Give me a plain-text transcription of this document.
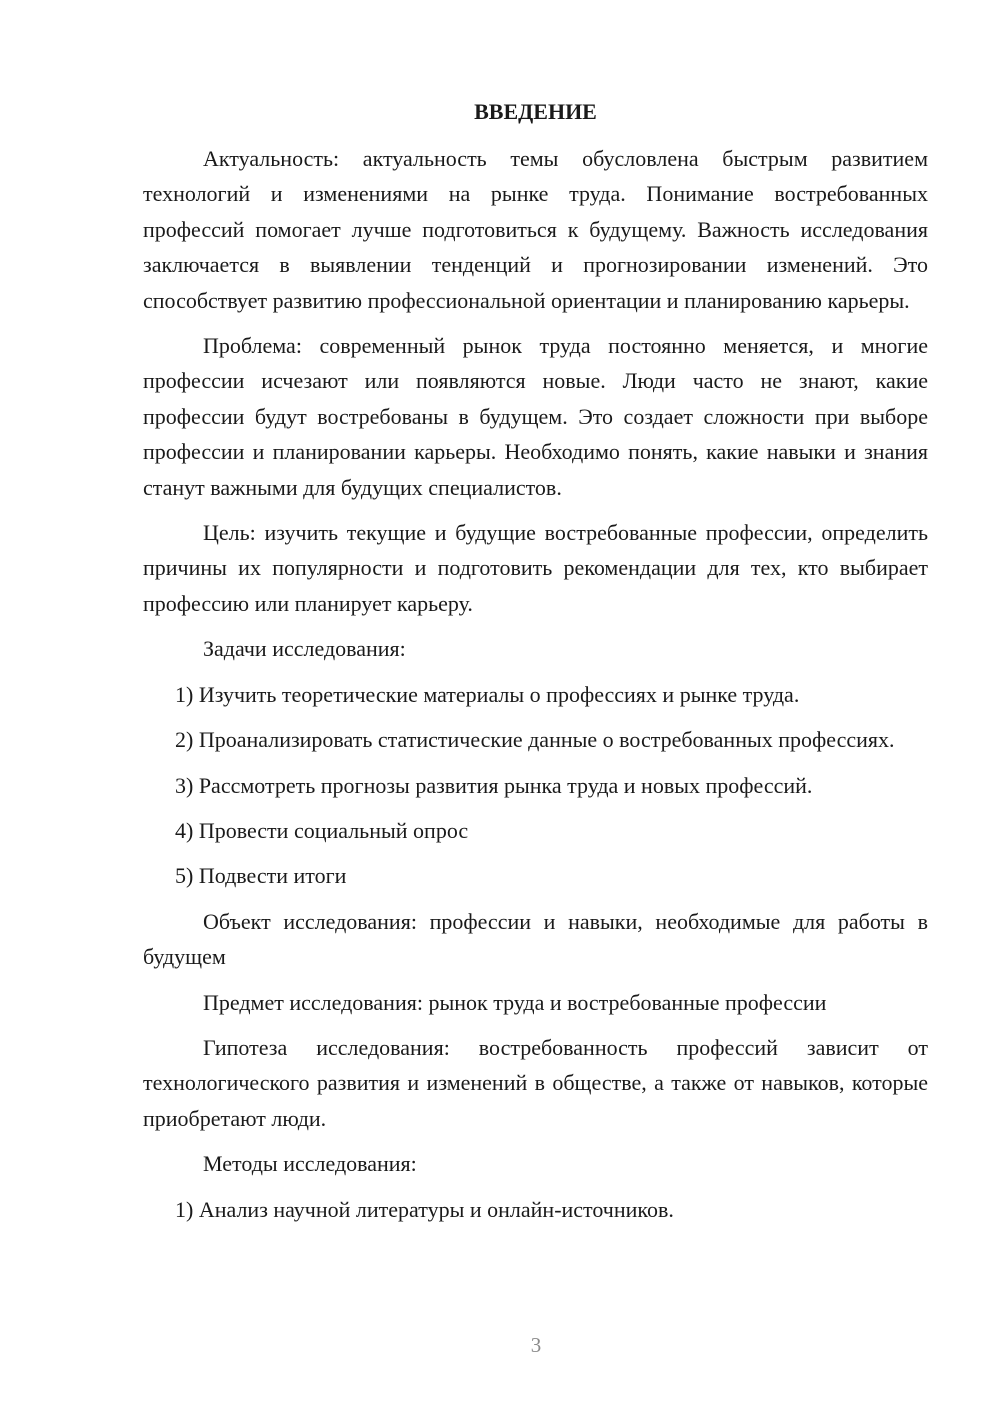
ВВЕДЕНИЕ

Актуальность: актуальность темы обусловлена быстрым развитием технологий и изменениями на рынке труда. Понимание востребованных профессий помогает лучше подготовиться к будущему. Важность исследования заключается в выявлении тенденций и прогнозировании изменений. Это способствует развитию профессиональной ориентации и планированию карьеры.

Проблема: современный рынок труда постоянно меняется, и многие профессии исчезают или появляются новые. Люди часто не знают, какие профессии будут востребованы в будущем. Это создает сложности при выборе профессии и планировании карьеры. Необходимо понять, какие навыки и знания станут важными для будущих специалистов.

Цель: изучить текущие и будущие востребованные профессии, определить причины их популярности и подготовить рекомендации для тех, кто выбирает профессию или планирует карьеру.

Задачи исследования:

1) Изучить теоретические материалы о профессиях и рынке труда.

2) Проанализировать статистические данные о востребованных профессиях.

3) Рассмотреть прогнозы развития рынка труда и новых профессий.

4) Провести социальный опрос

5) Подвести итоги

Объект исследования: профессии и навыки, необходимые для работы в будущем

Предмет исследования: рынок труда и востребованные профессии

Гипотеза исследования: востребованность профессий зависит от технологического развития и изменений в обществе, а также от навыков, которые приобретают люди.

Методы исследования:

1) Анализ научной литературы и онлайн-источников.

3
